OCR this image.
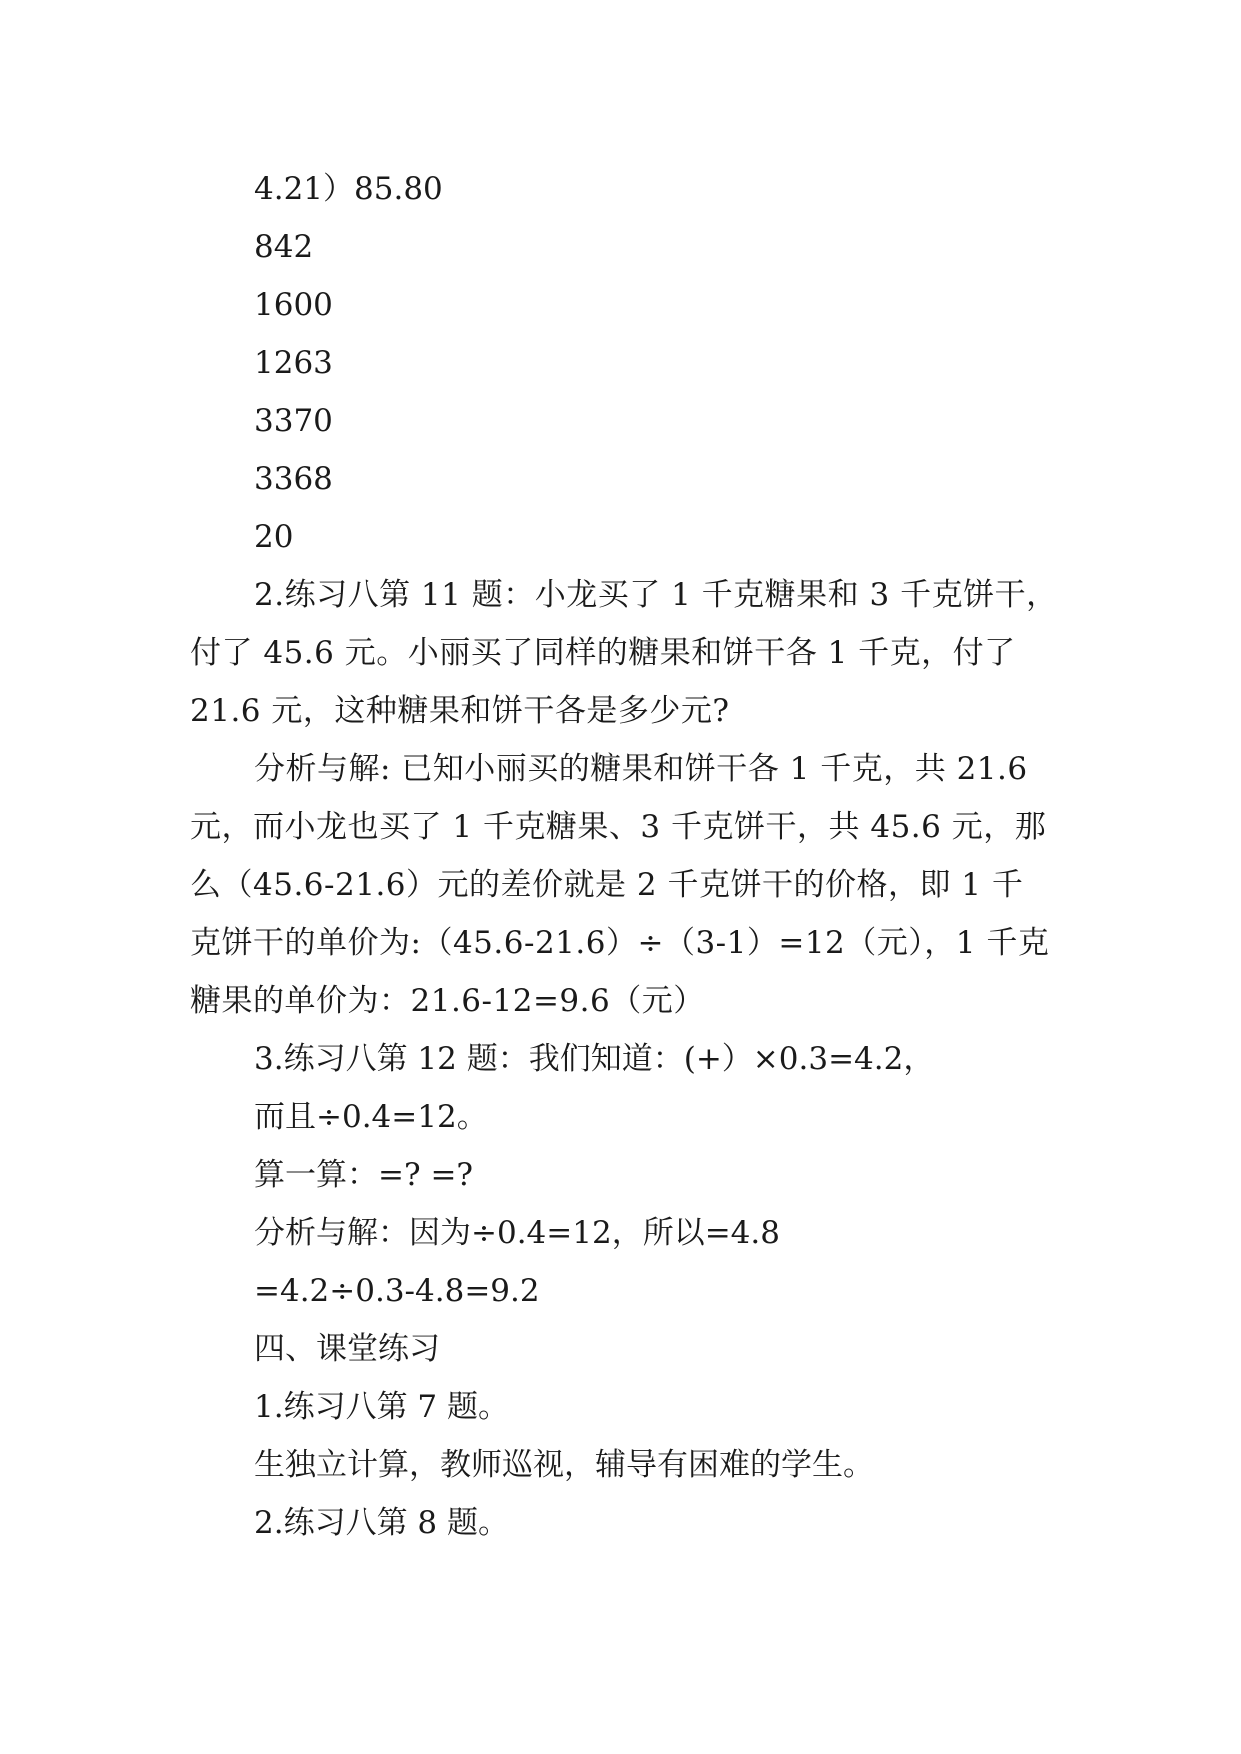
4.21）85.80
842
1600
1263
3370
3368
20
2.练习八第 11 题：小龙买了 1 千克糖果和 3 千克饼干，
付了 45.6 元。小丽买了同样的糖果和饼干各 1 千克，付了
21.6 元，这种糖果和饼干各是多少元?
分析与解: 已知小丽买的糖果和饼干各 1 千克，共 21.6
元，而小龙也买了 1 千克糖果、3 千克饼干，共 45.6 元，那
么（45.6-21.6）元的差价就是 2 千克饼干的价格，即 1 千
克饼干的单价为:（45.6-21.6）÷（3-1）=12（元），1 千克
糖果的单价为：21.6-12=9.6（元）
3.练习八第 12 题：我们知道：(+）×0.3=4.2，
而且÷0.4=12。
算一算：=? =?
分析与解：因为÷0.4=12，所以=4.8
=4.2÷0.3-4.8=9.2
四、课堂练习
1.练习八第 7 题。
生独立计算，教师巡视，辅导有困难的学生。
2.练习八第 8 题。
